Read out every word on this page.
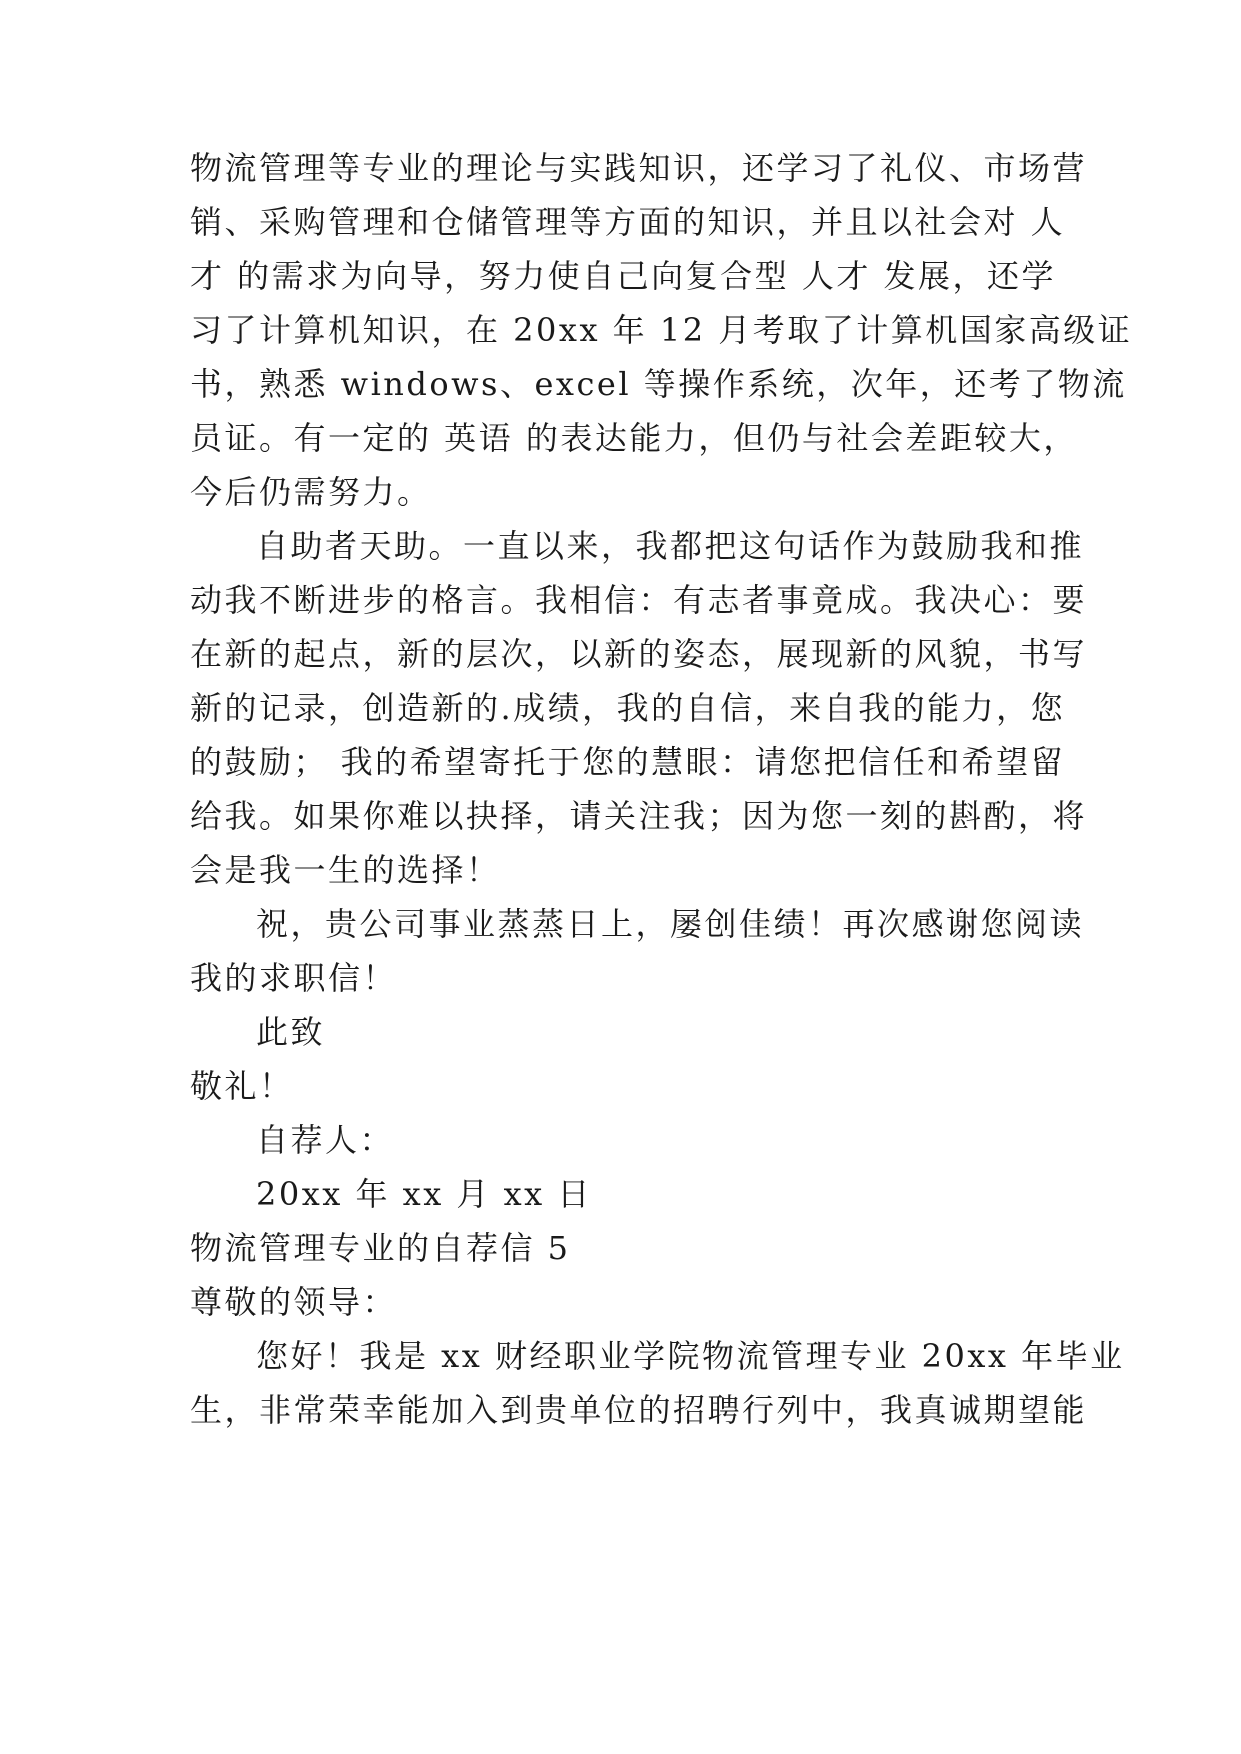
物流管理等专业的理论与实践知识，还学习了礼仪、市场营
销、采购管理和仓储管理等方面的知识，并且以社会对 人
才 的需求为向导，努力使自己向复合型 人才 发展，还学
习了计算机知识，在 20xx 年 12 月考取了计算机国家高级证
书，熟悉 windows、excel 等操作系统，次年，还考了物流
员证。有一定的 英语 的表达能力，但仍与社会差距较大，
今后仍需努力。
自助者天助。一直以来，我都把这句话作为鼓励我和推
动我不断进步的格言。我相信：有志者事竟成。我决心：要
在新的起点，新的层次，以新的姿态，展现新的风貌，书写
新的记录，创造新的.成绩，我的自信，来自我的能力，您
的鼓励； 我的希望寄托于您的慧眼：请您把信任和希望留
给我。如果你难以抉择，请关注我；因为您一刻的斟酌，将
会是我一生的选择！
祝，贵公司事业蒸蒸日上，屡创佳绩！再次感谢您阅读
我的求职信！
此致
敬礼！
自荐人：
20xx 年 xx 月 xx 日
物流管理专业的自荐信 5
尊敬的领导：
您好！我是 xx 财经职业学院物流管理专业 20xx 年毕业
生，非常荣幸能加入到贵单位的招聘行列中，我真诚期望能
